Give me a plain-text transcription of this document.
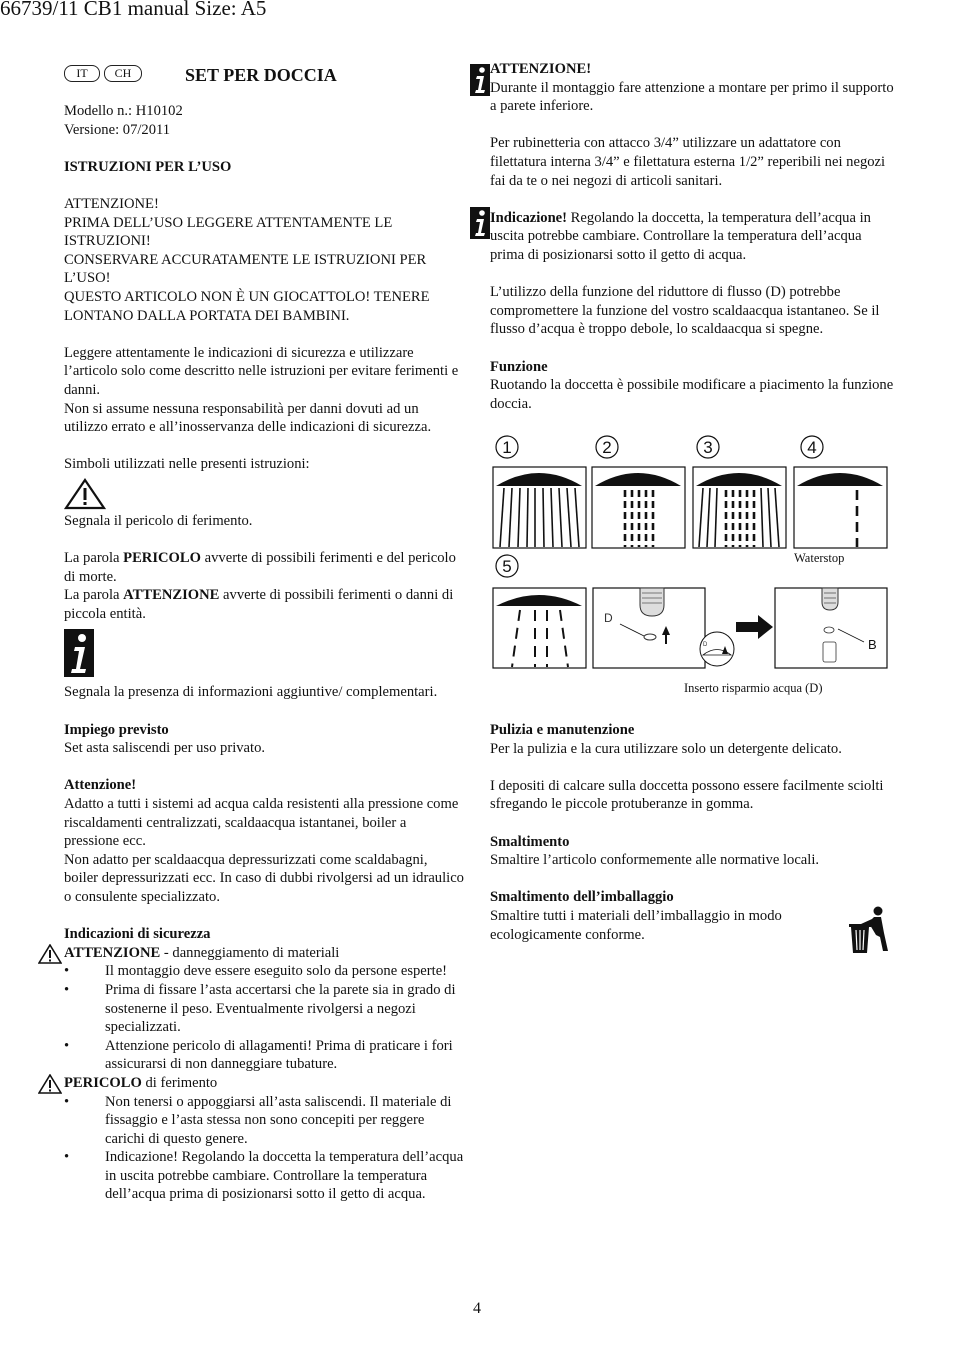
66739/11 CB1 manual Size: A5
IT	CH	SET PER DOCCIA

Modello n.: H10102

Versione: 07/2011

ISTRUZIONI PER L’USO

ATTENZIONE!

PRIMA DELL’USO LEGGERE ATTENTAMENTE LE ISTRUZIONI!

CONSERVARE ACCURATAMENTE LE ISTRUZIONI PER L’USO!

QUESTO ARTICOLO NON È UN GIOCATTOLO! TENERE LONTANO DALLA PORTATA DEI BAMBINI.

Leggere attentamente le indicazioni di sicurezza e utilizzare l’articolo solo come descritto nelle istruzioni per evitare ferimenti e danni.

Non si assume nessuna responsabilità per danni dovuti ad un utilizzo errato e all’inosservanza delle indicazioni di sicurezza.

Simboli utilizzati nelle presenti istruzioni:

Segnala il pericolo di ferimento.

La parola PERICOLO avverte di possibili ferimenti e del pericolo di morte.

La parola ATTENZIONE avverte di possibili ferimenti o danni di piccola entità.

Segnala la presenza di informazioni aggiuntive/ complementari.

Impiego previsto

Set asta saliscendi per uso privato.

Attenzione!

Adatto a tutti i sistemi ad acqua calda resistenti alla pressione come riscaldamenti centralizzati, scaldaacqua istantanei, boiler a pressione ecc.

Non adatto per scaldaacqua depressurizzati come scaldabagni, boiler depressurizzati ecc. In caso di dubbi rivolgersi ad un idraulico o consulente specializzato.

Indicazioni di sicurezza

ATTENZIONE - danneggiamento di materiali

• Il montaggio deve essere eseguito solo da persone esperte!
• Prima di fissare l’asta accertarsi che la parete sia in grado di sostenerne il peso. Eventualmente rivolgersi a negozi specializzati.
• Attenzione pericolo di allagamenti! Prima di praticare i fori assicurarsi di non danneggiare tubature.

PERICOLO di ferimento

• Non tenersi o appoggiarsi all’asta saliscendi. Il materiale di fissaggio e l’asta stessa non sono concepiti per reggere carichi di questo genere.
• Indicazione! Regolando la doccetta la temperatura dell’acqua in uscita potrebbe cambiare. Controllare la temperatura dell’acqua prima di posizionarsi sotto il getto di acqua.

ATTENZIONE!

Durante il montaggio fare attenzione a montare per primo il supporto a parete inferiore.

Per rubinetteria con attacco 3/4” utilizzare un adattatore con filettatura interna 3/4” e filettatura esterna 1/2” reperibili nei negozi fai da te o nei negozi di articoli sanitari.

Indicazione! Regolando la doccetta, la temperatura dell’acqua in uscita potrebbe cambiare. Controllare la temperatura dell’acqua prima di posizionarsi sotto il getto di acqua.

L’utilizzo della funzione del riduttore di flusso (D) potrebbe compromettere la funzione del vostro scaldaacqua istantaneo. Se il flusso d’acqua è troppo debole, lo scaldaacqua si spegne.

Funzione

Ruotando la doccetta è possibile modificare a piacimento la funzione doccia.

1	2	3	4
5	Waterstop
D
D	B
Inserto risparmio acqua (D)

Pulizia e manutenzione

Per la pulizia e la cura utilizzare solo un detergente delicato.

I depositi di calcare sulla doccetta possono essere facilmente sciolti sfregando le piccole protuberanze in gomma.

Smaltimento

Smaltire l’articolo conformemente alle normative locali.

Smaltimento dell’imballaggio

Smaltire tutti i materiali dell’imballaggio in modo ecologicamente conforme.

4
